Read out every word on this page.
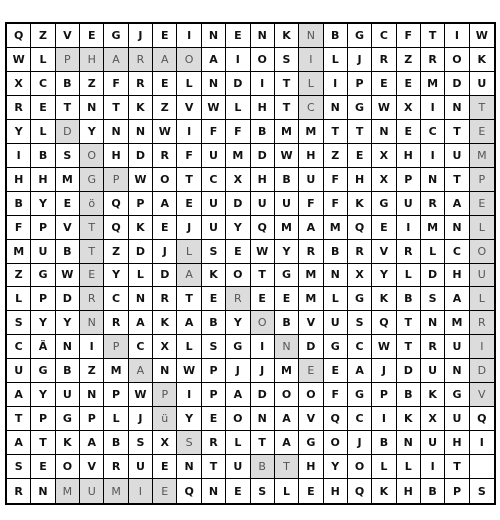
Q	Z	V	E	G	J	E	I	N	E	N	K	N	B	G	C	F	T	I	W
W	L	P	H	A	R	A	O	A	I	O	S	I	L	J	R	Z	R	O	K
X	C	B	Z	F	R	E	L	N	D	I	T	L	I	P	E	E	M	D	U
R	E	T	N	T	K	Z	V	W	L	H	T	C	N	G	W	X	I	N	T
Y	L	D	Y	N	N	W	I	F	F	B	M	M	T	T	N	E	C	T	E
I	B	S	O	H	D	R	F	U	M	D	W	H	Z	E	X	H	I	U	M
H	H	M	G	P	W	O	T	C	X	H	B	U	F	H	X	P	N	T	P
B	Y	E	ö	Q	P	A	E	U	D	U	U	F	F	K	G	U	R	A	E
F	P	V	T	Q	K	E	J	U	Y	Q	M	A	M	Q	E	I	M	N	L
M	U	B	T	Z	D	J	L	S	E	W	Y	R	B	R	V	R	L	C	O
Z	G	W	E	Y	L	D	A	K	O	T	G	M	N	X	Y	L	D	H	U
L	P	D	R	C	N	R	T	E	R	E	E	M	L	G	K	B	S	A	L
S	Y	Y	N	R	A	K	A	B	Y	O	B	V	U	S	Q	T	N	M	R
C	Ä	N	I	P	C	X	L	S	G	I	N	D	G	C	W	T	R	U	I
U	G	B	Z	M	A	N	W	P	J	J	M	E	E	A	J	D	U	N	D
A	Y	U	N	P	W	P	I	P	A	D	O	O	F	G	P	B	K	G	V
T	P	G	P	L	J	ü	Y	E	O	N	A	V	Q	C	I	K	X	U	Q
A	T	K	A	B	S	X	S	R	L	T	A	G	O	J	B	N	U	H	I
S	E	O	V	R	U	E	N	T	U	B	T	H	Y	O	L	L	I	T
R	N	M	U	M	I	E	Q	N	E	S	L	E	H	Q	K	H	B	P	S
